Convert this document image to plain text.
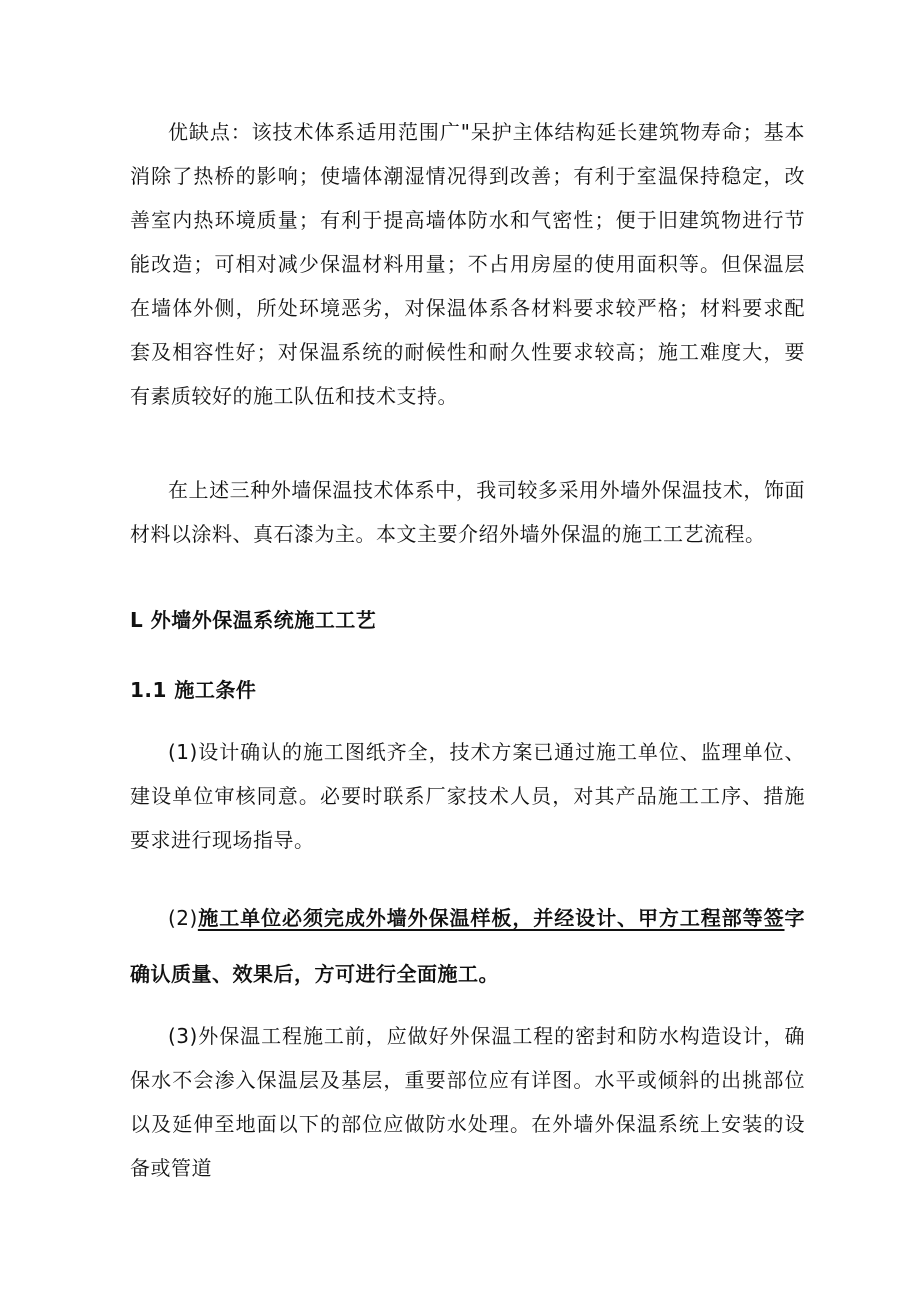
优缺点：该技术体系适用范围广"呆护主体结构延长建筑物寿命；基本消除了热桥的影响；使墙体潮湿情况得到改善；有利于室温保持稳定，改善室内热环境质量；有利于提高墙体防水和气密性；便于旧建筑物进行节能改造；可相对减少保温材料用量；不占用房屋的使用面积等。但保温层在墙体外侧，所处环境恶劣，对保温体系各材料要求较严格；材料要求配套及相容性好；对保温系统的耐候性和耐久性要求较高；施工难度大，要有素质较好的施工队伍和技术支持。

在上述三种外墙保温技术体系中，我司较多采用外墙外保温技术，饰面材料以涂料、真石漆为主。本文主要介绍外墙外保温的施工工艺流程。

L 外墙外保温系统施工工艺
1.1 施工条件

(1)设计确认的施工图纸齐全，技术方案已通过施工单位、监理单位、建设单位审核同意。必要时联系厂家技术人员，对其产品施工工序、措施要求进行现场指导。

(2)施工单位必须完成外墙外保温样板，并经设计、甲方工程部等签字确认质量、效果后，方可进行全面施工。

(3)外保温工程施工前，应做好外保温工程的密封和防水构造设计，确保水不会渗入保温层及基层，重要部位应有详图。水平或倾斜的出挑部位以及延伸至地面以下的部位应做防水处理。在外墙外保温系统上安装的设备或管道
